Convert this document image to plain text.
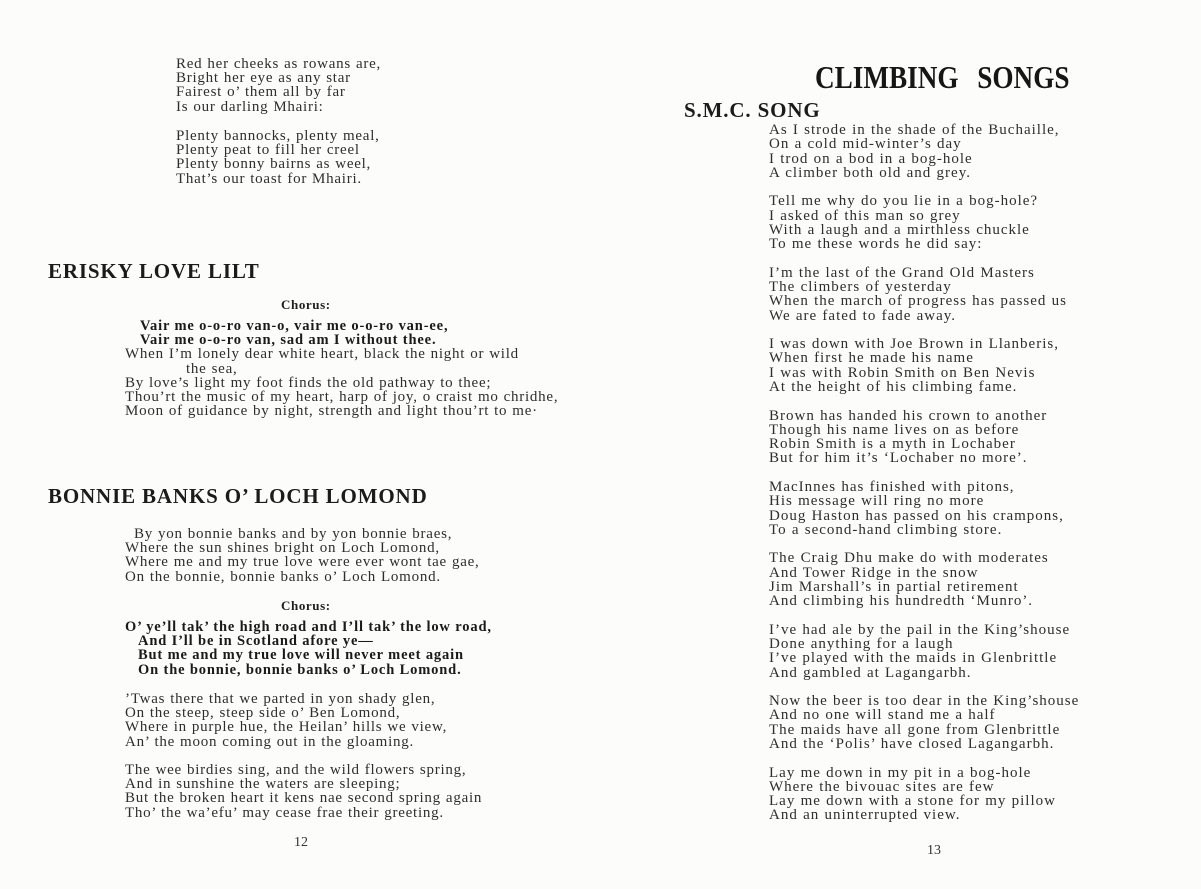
Red her cheeks as rowans are,
Bright her eye as any star
Fairest o’ them all by far
Is our darling Mhairi:
Plenty bannocks, plenty meal,
Plenty peat to fill her creel
Plenty bonny bairns as weel,
That’s our toast for Mhairi.
ERISKY LOVE LILT
Chorus:
Vair me o-o-ro van-o, vair me o-o-ro van-ee,
Vair me o-o-ro van, sad am I without thee.
When I’m lonely dear white heart, black the night or wild
the sea,
By love’s light my foot finds the old pathway to thee;
Thou’rt the music of my heart, harp of joy, o craist mo chridhe,
Moon of guidance by night, strength and light thou’rt to me·
BONNIE BANKS O’ LOCH LOMOND
By yon bonnie banks and by yon bonnie braes,
Where the sun shines bright on Loch Lomond,
Where me and my true love were ever wont tae gae,
On the bonnie, bonnie banks o’ Loch Lomond.
Chorus:
O’ ye’ll tak’ the high road and I’ll tak’ the low road,
And I’ll be in Scotland afore ye—
But me and my true love will never meet again
On the bonnie, bonnie banks o’ Loch Lomond.
’Twas there that we parted in yon shady glen,
On the steep, steep side o’ Ben Lomond,
Where in purple hue, the Heilan’ hills we view,
An’ the moon coming out in the gloaming.
The wee birdies sing, and the wild flowers spring,
And in sunshine the waters are sleeping;
But the broken heart it kens nae second spring again
Tho’ the wa’efu’ may cease frae their greeting.
12
CLIMBING SONGS
S.M.C. SONG
As I strode in the shade of the Buchaille,
On a cold mid-winter’s day
I trod on a bod in a bog-hole
A climber both old and grey.
Tell me why do you lie in a bog-hole?
I asked of this man so grey
With a laugh and a mirthless chuckle
To me these words he did say:
I’m the last of the Grand Old Masters
The climbers of yesterday
When the march of progress has passed us
We are fated to fade away.
I was down with Joe Brown in Llanberis,
When first he made his name
I was with Robin Smith on Ben Nevis
At the height of his climbing fame.
Brown has handed his crown to another
Though his name lives on as before
Robin Smith is a myth in Lochaber
But for him it’s ‘Lochaber no more’.
MacInnes has finished with pitons,
His message will ring no more
Doug Haston has passed on his crampons,
To a second-hand climbing store.
The Craig Dhu make do with moderates
And Tower Ridge in the snow
Jim Marshall’s in partial retirement
And climbing his hundredth ‘Munro’.
I’ve had ale by the pail in the King’shouse
Done anything for a laugh
I’ve played with the maids in Glenbrittle
And gambled at Lagangarbh.
Now the beer is too dear in the King’shouse
And no one will stand me a half
The maids have all gone from Glenbrittle
And the ‘Polis’ have closed Lagangarbh.
Lay me down in my pit in a bog-hole
Where the bivouac sites are few
Lay me down with a stone for my pillow
And an uninterrupted view.
13
